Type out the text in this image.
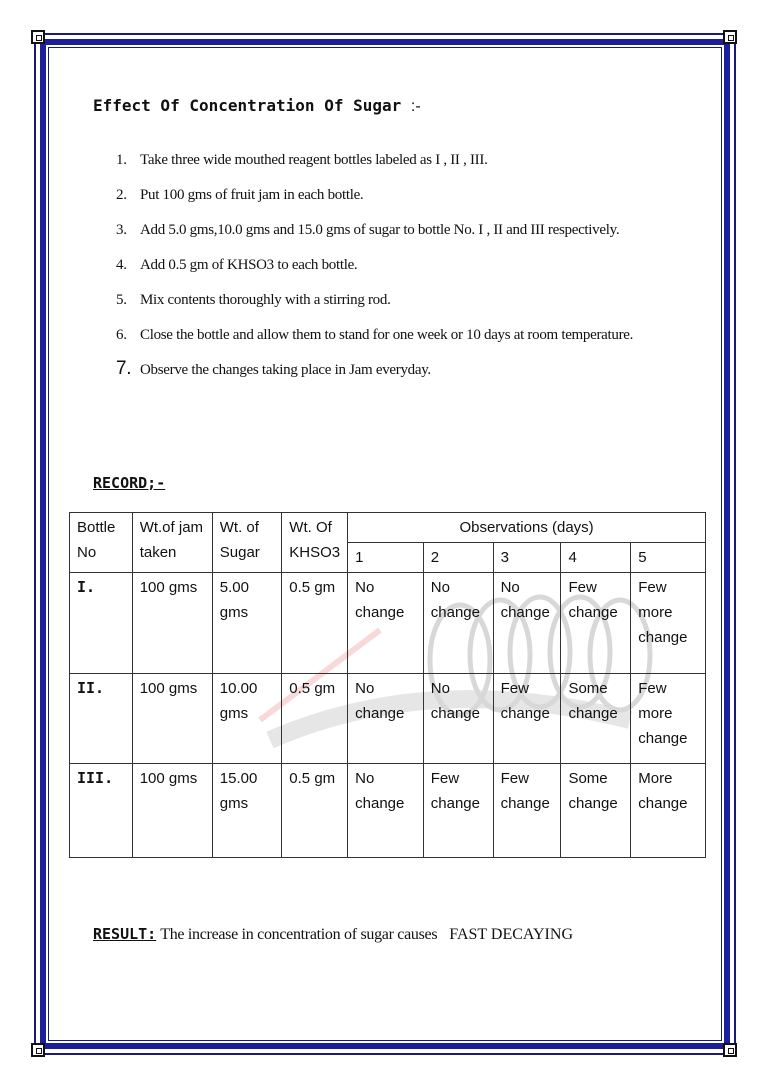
Effect Of Concentration Of Sugar :-
1. Take three wide mouthed reagent bottles labeled as I , II , III.
2. Put 100 gms of fruit jam in each bottle.
3. Add 5.0 gms,10.0 gms and 15.0 gms of sugar to bottle No. I , II and III respectively.
4. Add 0.5 gm of KHSO3 to each bottle.
5. Mix contents thoroughly with a stirring rod.
6. Close the bottle and allow them to stand for one week or 10 days at room temperature.
7. Observe the changes taking place in Jam everyday.
RECORD;-
Bottle No	Wt.of jam taken	Wt. of Sugar	Wt. Of KHSO3	Observations (days)				
				1	2	3	4	5
I.	100 gms	5.00 gms	0.5 gm	No change	No change	No change	Few change	Few more change
II.	100 gms	10.00 gms	0.5 gm	No change	No change	Few change	Some change	Few more change
III.	100 gms	15.00 gms	0.5 gm	No change	Few change	Few change	Some change	More change
RESULT: The increase in concentration of sugar causes FAST DECAYING
